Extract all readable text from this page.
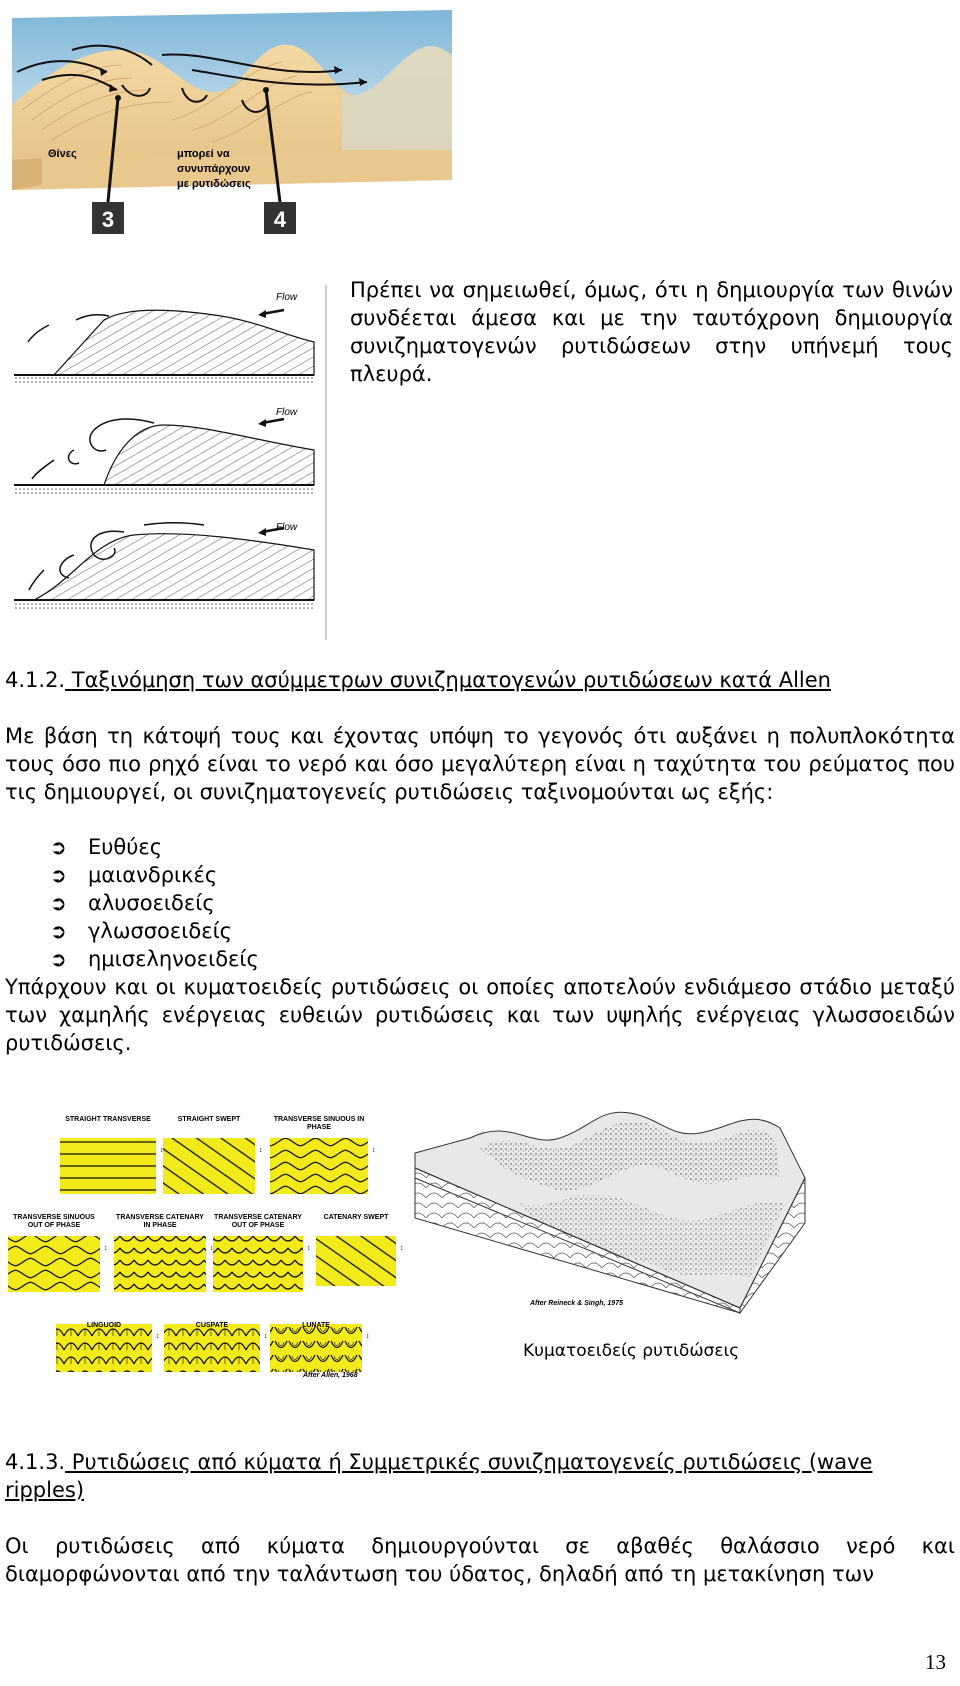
3	4
Θίνες	μπορεί να
συνυπάρχουν
με ρυτιδώσεις
Flow
Flow
Flow
Πρέπει να σημειωθεί, όμως, ότι η δημιουργία των θινών συνδέεται άμεσα και με την ταυτόχρονη δημιουργία συνιζηματογενών ρυτιδώσεων στην υπήνεμή τους πλευρά.
4.1.2. Ταξινόμηση των ασύμμετρων συνιζηματογενών ρυτιδώσεων κατά Allen
Με βάση τη κάτοψή τους και έχοντας υπόψη το γεγονός ότι αυξάνει η πολυπλοκότητα τους όσο πιο ρηχό είναι το νερό και όσο μεγαλύτερη είναι η ταχύτητα του ρεύματος που τις δημιουργεί, οι συνιζηματογενείς ρυτιδώσεις ταξινομούνται ως εξής:
➲	Ευθύες
➲	μαιανδρικές
➲	αλυσοειδείς
➲	γλωσσοειδείς
➲	ημισεληνοειδείς
Υπάρχουν και οι κυματοειδείς ρυτιδώσεις οι οποίες αποτελούν ενδιάμεσο στάδιο μεταξύ των χαμηλής ενέργειας ευθειών ρυτιδώσεις και των υψηλής ενέργειας γλωσσοειδών ρυτιδώσεις.
↕	↕	↕
↕	↕	↕	↕
↕	↕	↕
STRAIGHT TRANSVERSE	STRAIGHT SWEPT	TRANSVERSE SINUOUS IN PHASE
TRANSVERSE SINUOUS OUT OF PHASE
TRANSVERSE CATENARY IN PHASE
TRANSVERSE CATENARY OUT OF PHASE
CATENARY SWEPT
LINGUOID	CUSPATE	LUNATE
After Allen, 1968
After Reineck & Singh, 1975
Κυματοειδείς ρυτιδώσεις
4.1.3. Ρυτιδώσεις από κύματα ή Συμμετρικές συνιζηματογενείς ρυτιδώσεις (wave ripples)
Οι ρυτιδώσεις από κύματα δημιουργούνται σε αβαθές θαλάσσιο νερό και διαμορφώνονται από την ταλάντωση του ύδατος, δηλαδή από τη μετακίνηση των
13
